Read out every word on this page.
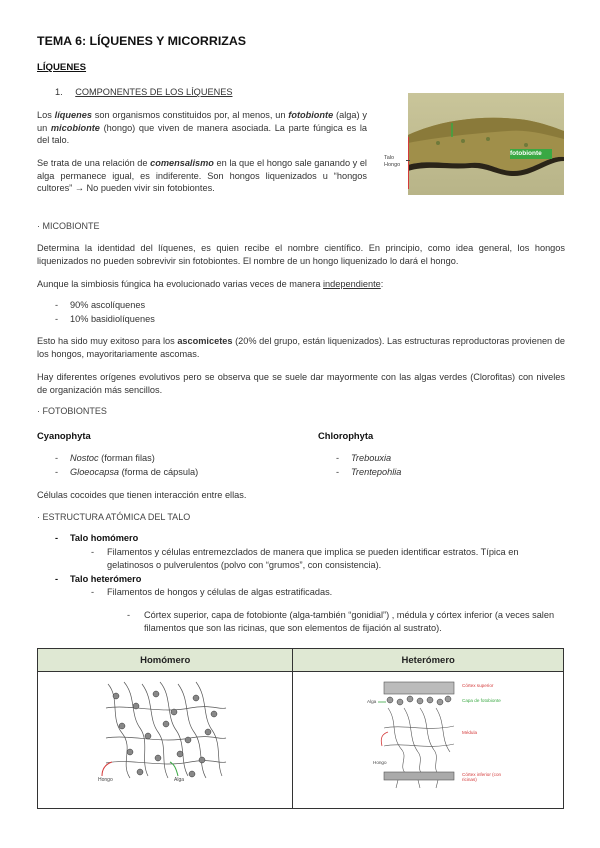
TEMA 6: LÍQUENES Y MICORRIZAS
LÍQUENES
1. COMPONENTES DE LOS LÍQUENES
Los líquenes son organismos constituidos por, al menos, un fotobionte (alga) y un micobionte (hongo) que viven de manera asociada. La parte fúngica es la del talo.
Se trata de una relación de comensalismo en la que el hongo sale ganando y el alga permanece igual, es indiferente. Son hongos liquenizados u “hongos cultores” → No pueden vivir sin fotobiontes.
fotobionte
Talo Hongo
· MICOBIONTE
Determina la identidad del líquenes, es quien recibe el nombre científico. En principio, como idea general, los hongos liquenizados no pueden sobrevivir sin fotobiontes. El nombre de un hongo liquenizado lo dará el hongo.
Aunque la simbiosis fúngica ha evolucionado varias veces de manera independiente:
- 90% ascolíquenes
- 10% basidiolíquenes
Esto ha sido muy exitoso para los ascomicetes (20% del grupo, están liquenizados). Las estructuras reproductoras provienen de los hongos, mayoritariamente ascomas.
Hay diferentes orígenes evolutivos pero se observa que se suele dar mayormente con las algas verdes (Clorofitas) con niveles de organización más sencillos.
· FOTOBIONTES
Cyanophyta	Chlorophyta
- Nostoc (forman filas)
- Gloeocapsa (forma de cápsula)
- Trebouxia
- Trentepohlia
Células cocoides que tienen interacción entre ellas.
· ESTRUCTURA ATÓMICA DEL TALO
- Talo homómero
- Filamentos y células entremezclados de manera que implica se pueden identificar estratos. Típica en gelatinosos o pulverulentos (polvo con “grumos”, con consistencia).
- Talo heterómero
- Filamentos de hongos y células de algas estratificadas.
- Córtex superior, capa de fotobionte (alga-también “gonidial”) , médula y córtex inferior (a veces salen filamentos que son las ricinas, que son elementos de fijación al sustrato).
Homómero	Heterómero

Hongo	Alga
Córtex superior
Capa de fotobionte
Médula
Córtex inferior (con ricinas)
Alga
Hongo
